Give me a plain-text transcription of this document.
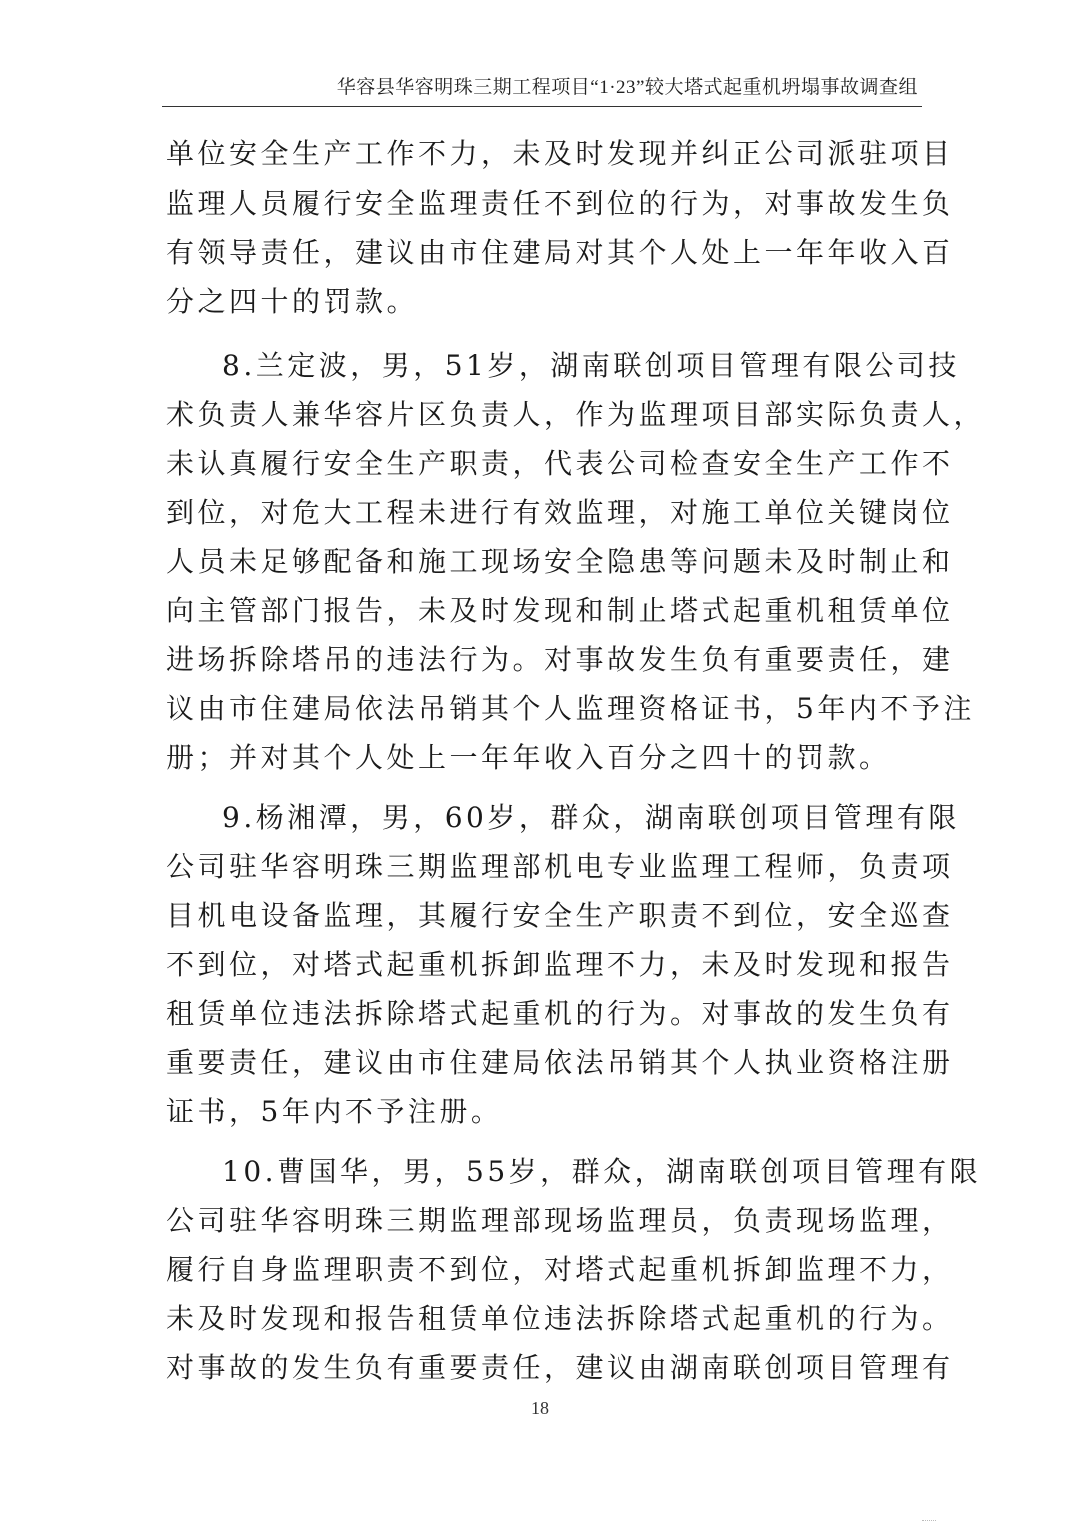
华容县华容明珠三期工程项目“1·23”较大塔式起重机坍塌事故调查组
单位安全生产工作不力，未及时发现并纠正公司派驻项目
监理人员履行安全监理责任不到位的行为，对事故发生负
有领导责任，建议由市住建局对其个人处上一年年收入百
分之四十的罚款。
8.兰定波，男，51岁，湖南联创项目管理有限公司技
术负责人兼华容片区负责人，作为监理项目部实际负责人，
未认真履行安全生产职责，代表公司检查安全生产工作不
到位，对危大工程未进行有效监理，对施工单位关键岗位
人员未足够配备和施工现场安全隐患等问题未及时制止和
向主管部门报告，未及时发现和制止塔式起重机租赁单位
进场拆除塔吊的违法行为。对事故发生负有重要责任，建
议由市住建局依法吊销其个人监理资格证书，5年内不予注
册；并对其个人处上一年年收入百分之四十的罚款。
9.杨湘潭，男，60岁，群众，湖南联创项目管理有限
公司驻华容明珠三期监理部机电专业监理工程师，负责项
目机电设备监理，其履行安全生产职责不到位，安全巡查
不到位，对塔式起重机拆卸监理不力，未及时发现和报告
租赁单位违法拆除塔式起重机的行为。对事故的发生负有
重要责任，建议由市住建局依法吊销其个人执业资格注册
证书，5年内不予注册。
10.曹国华，男，55岁，群众，湖南联创项目管理有限
公司驻华容明珠三期监理部现场监理员，负责现场监理，
履行自身监理职责不到位，对塔式起重机拆卸监理不力，
未及时发现和报告租赁单位违法拆除塔式起重机的行为。
对事故的发生负有重要责任，建议由湖南联创项目管理有
18
